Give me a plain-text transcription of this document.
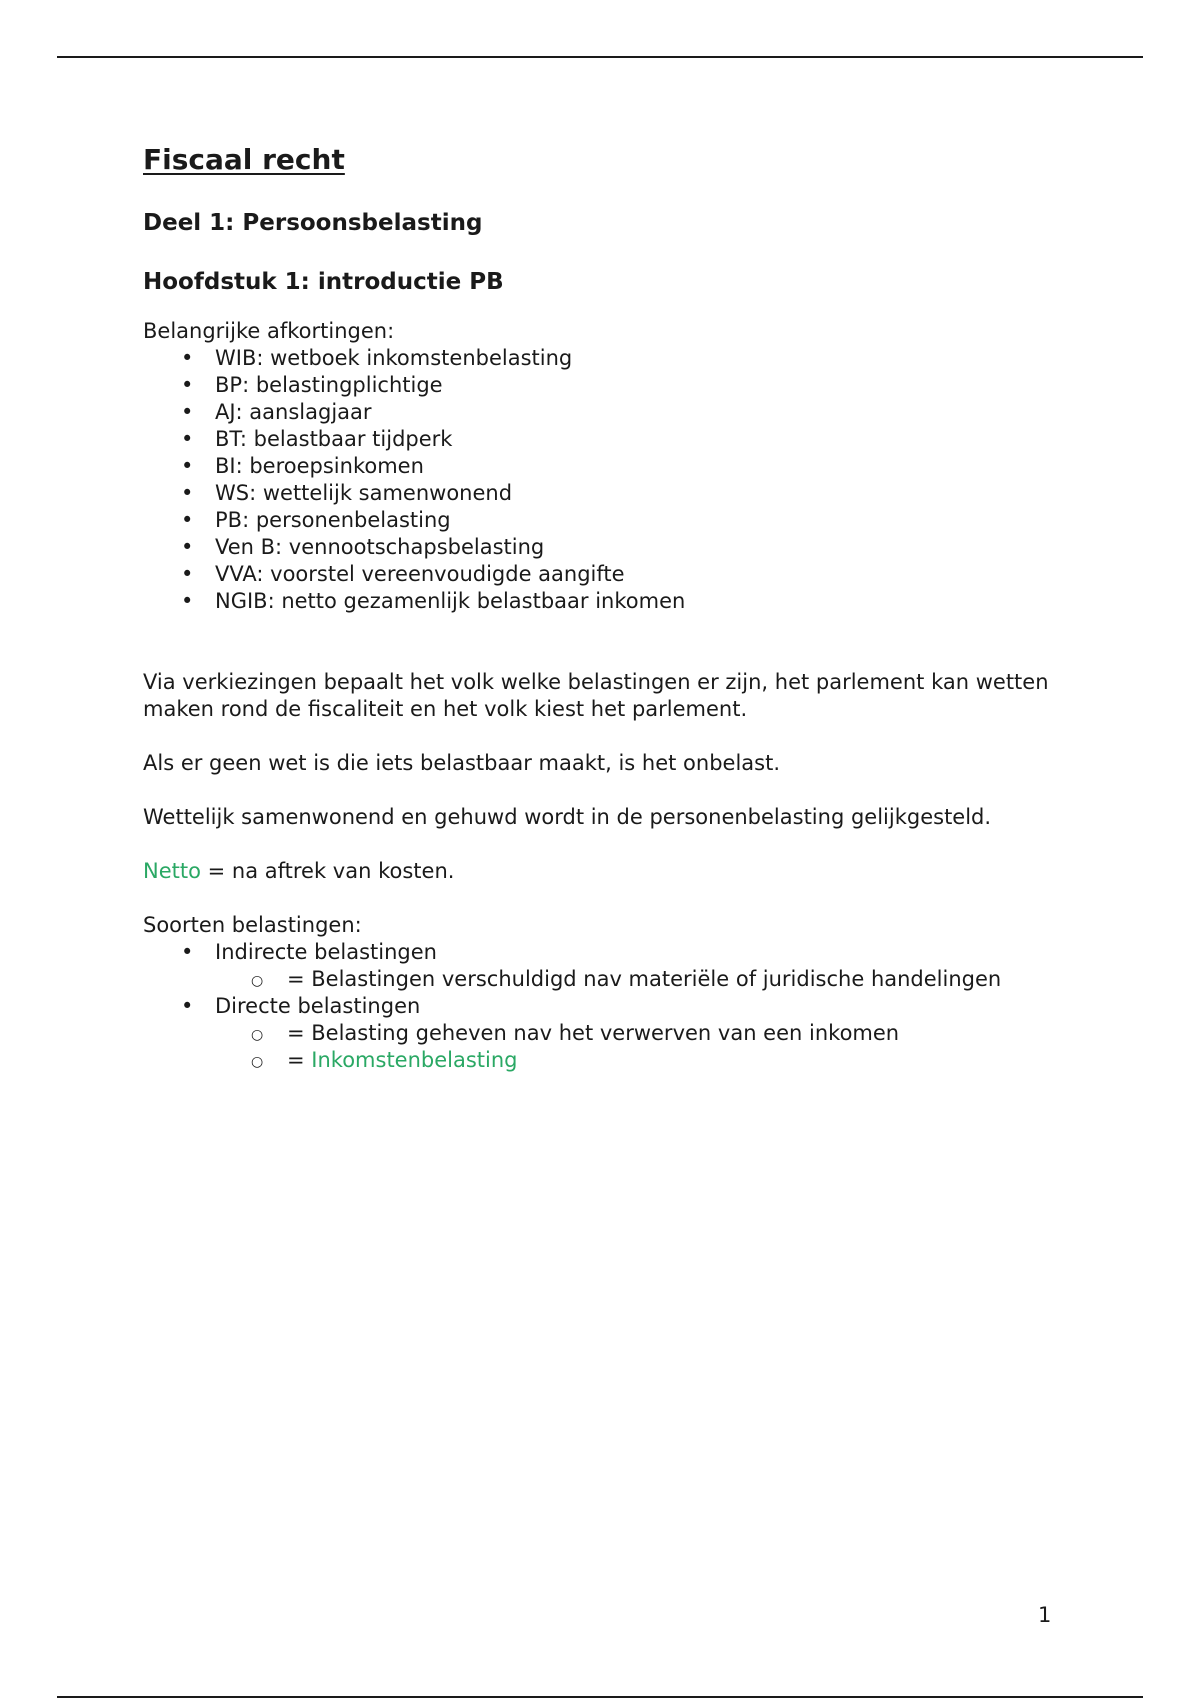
Fiscaal recht
Deel 1: Persoonsbelasting
Hoofdstuk 1: introductie PB

Belangrijke afkortingen:

• WIB: wetboek inkomstenbelasting
• BP: belastingplichtige
• AJ: aanslagjaar
• BT: belastbaar tijdperk
• BI: beroepsinkomen
• WS: wettelijk samenwonend
• PB: personenbelasting
• Ven B: vennootschapsbelasting
• VVA: voorstel vereenvoudigde aangifte
• NGIB: netto gezamenlijk belastbaar inkomen

Via verkiezingen bepaalt het volk welke belastingen er zijn, het parlement kan wetten maken rond de fiscaliteit en het volk kiest het parlement.

Als er geen wet is die iets belastbaar maakt, is het onbelast.

Wettelijk samenwonend en gehuwd wordt in de personenbelasting gelijkgesteld.

Netto = na aftrek van kosten.

Soorten belastingen:

• Indirecte belastingen
○ = Belastingen verschuldigd nav materiële of juridische handelingen
• Directe belastingen
○ = Belasting geheven nav het verwerven van een inkomen
○ = Inkomstenbelasting
1
